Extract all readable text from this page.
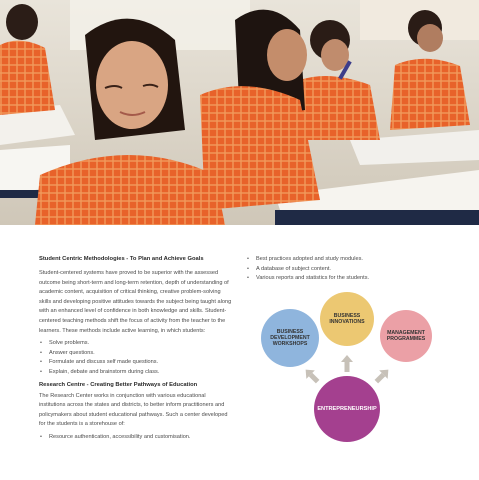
Student Centric Methodologies - To Plan and Achieve Goals

Student-centered systems have proved to be superior with the assessed outcome being short-term and long-term retention, depth of understanding of academic content, acquisition of critical thinking, creative problem-solving skills and developing positive attitudes towards the subject being taught along with an enhanced level of confidence in both knowledge and skills. Student-centered teaching methods shift the focus of activity from the teacher to the learners. These methods include active learning, in which students:

• Solve problems.
• Answer questions.
• Formulate and discuss self made questions.
• Explain, debate and brainstorm during class.
Research Centre - Creating Better Pathways of Education

The Research Center works in conjunction with various educational institutions across the states and districts, to better inform practitioners and policymakers about student educational pathways. Such a center developed for the students is a storehouse of:

• Resource authentication, accessibility and customisation.
• Best practices adopted and study modules.
• A database of subject content.
• Various reports and statistics for the students.
BUSINESS DEVELOPMENT WORKSHOPS
BUSINESS INNOVATIONS
MANAGEMENT PROGRAMMES
ENTREPRENEURSHIP
